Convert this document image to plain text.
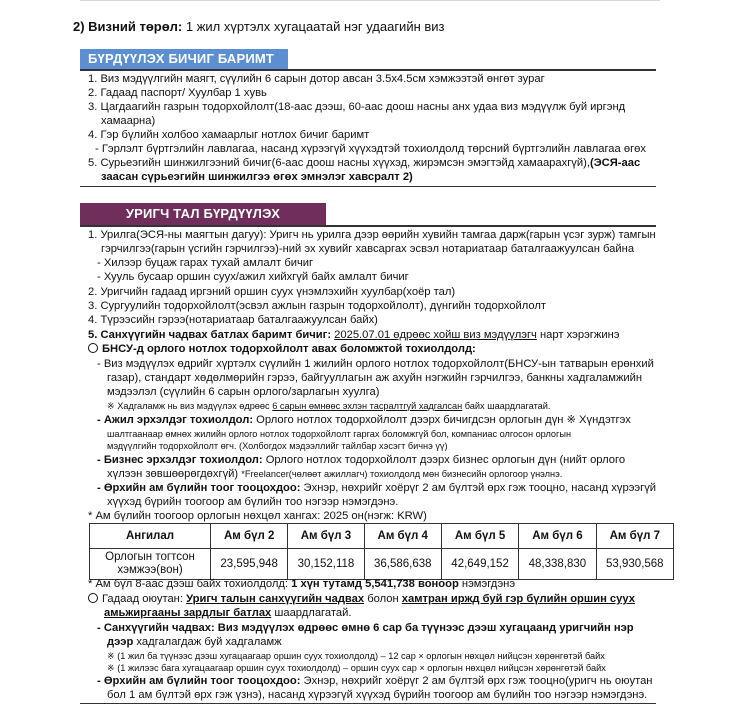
2) Визний төрөл: 1 жил хүртэлх хугацаатай нэг удаагийн виз
БҮРДҮҮЛЭХ БИЧИГ БАРИМТ
1. Виз мэдүүлгийн маягт, сүүлийн 6 сарын дотор авсан 3.5x4.5см хэмжээтэй өнгөт зураг
2. Гадаад паспорт/ Хуулбар 1 хувь
3. Цагдаагийн газрын тодорхойлолт(18-аас дээш, 60-аас доош насны анх удаа виз мэдүүлж буй иргэнд
хамаарна)
4. Гэр бүлийн холбоо хамаарлыг нотлох бичиг баримт
- Гэрлэлт бүртгэлийн лавлагаа, насанд хүрээгүй хүүхэдтэй тохиолдолд төрсний бүртгэлийн лавлагаа өгөх
5. Сурьеэгийн шинжилгээний бичиг(6-аас доош насны хүүхэд, жирэмсэн эмэгтэйд хамаарахгүй),(ЭСЯ-аас
заасан сүрьеэгийн шинжилгээ өгөх эмнэлэг хавсралт 2)
УРИГЧ ТАЛ БҮРДҮҮЛЭХ
1. Урилга(ЭСЯ-ны маягтын дагуу): Уригч нь урилга дээр өөрийн хувийн тамгаа дарж(гарын үсэг зурж) тамгын
гэрчилгээ(гарын үсгийн гэрчилгээ)-ний эх хувийг хавсаргах эсвэл нотариатаар баталгаажуулсан байна
- Хилээр буцаж гарах тухай амлалт бичиг
- Хууль бусаар оршин суух/ажил хийхгүй байх амлалт бичиг
2. Уригчийн гадаад иргэний оршин суух үнэмлэхийн хуулбар(хоёр тал)
3. Сургуулийн тодорхойлолт(эсвэл ажлын газрын тодорхойлолт), дүнгийн тодорхойлолт
4. Түрээсийн гэрээ(нотариатаар баталгаажуулсан байх)
5. Санхүүгийн чадвах батлах баримт бичиг: 2025.07.01 өдрөөс хойш виз мэдүүлэгч нарт хэрэгжинэ
БНСУ-д орлого нотлох тодорхойлолт авах боломжтой тохиолдолд:
- Виз мэдүүлэх өдрийг хүртэлх сүүлийн 1 жилийн орлого нотлох тодорхойлолт(БНСУ-ын татварын ерөнхий
газар), стандарт хөдөлмөрийн гэрээ, байгууллагын аж ахуйн нэгжийн гэрчилгээ, банкны хадгаламжийн
мэдээлэл (сүүлийн 6 сарын орлого/зарлагын хуулга)
※ Хадгаламж нь виз мэдүүлэх өдрөөс 6 сарын өмнөөс эхлэн тасралтгүй хадгалсан байх шаардлагатай.
- Ажил эрхэлдэг тохиолдол: Орлого нотлох тодорхойлолт дээрх бичигдсэн орлогын дүн ※ Хүндэтгэх
шалтгаанаар өмнөх жилийн орлого нотлох тодорхойлолт гаргах боломжгүй бол, компаниас олгосон орлогын
мэдүүлгийн тодорхойлолт өгч. (Холбогдох мэдээллийг тайлбар хэсэгт бичнэ үү)
- Бизнес эрхэлдэг тохиолдол: Орлого нотлох тодорхойлолт дээрх бизнес орлогын дүн (нийт орлого
хүлээн зөвшөөрөгдөхгүй) *Freelancer(чөлөөт ажиллагч) тохиолдолд мөн бизнесийн орлогоор үнэлнэ.
- Өрхийн ам бүлийн тоог тооцохдоо: Эхнэр, нөхрийг хоёрүг 2 ам бүлтэй өрх гэж тооцно, насанд хүрээгүй
хүүхэд бүрийн тоогоор ам бүлийн тоо нэгээр нэмэгдэнэ.
* Ам бүлийн тоогоор орлогын нөхцөл хангах: 2025 он(нэгж: KRW)
Ангилал	Ам бүл 2	Ам бүл 3	Ам бүл 4	Ам бүл 5	Ам бүл 6	Ам бүл 7

Орлогын тогтсон
хэмжээ(вон)	23,595,948	30,152,118	36,586,638	42,649,152	48,338,830	53,930,568
* Ам бүл 8-аас дээш байх тохиолдолд: 1 хүн тутамд 5,541,738 воноор нэмэгдэнэ
Гадаад оюутан: Уригч талын санхүүгийн чадвах болон хамтран иржд буй гэр бүлийн оршин суух
амьжиргааны зардлыг батлах шаардлагатай.
- Санхүүгийн чадвах: Виз мэдүүлэх өдрөөс өмнө 6 сар ба түүнээс дээш хугацаанд уригчийн нэр
дээр хадгалагдаж буй хадгаламж
※ (1 жил ба түүнээс дээш хугацаагаар оршин суух тохиолдолд) – 12 сар × орлогын нөхцөл нийцсэн хөрөнгөтэй байх
※ (1 жилээс бага хугацаагаар оршин суух тохиолдолд) – оршин суух сар × орлогын нөхцөл нийцсэн хөрөнгөтэй байх
- Өрхийн ам бүлийн тоог тооцохдоо: Эхнэр, нөхрийг хоёрүг 2 ам бүлтэй өрх гэж тооцно(уригч нь оюутан
бол 1 ам бүлтэй өрх гэж үзнэ), насанд хүрээгүй хүүхэд бүрийн тоогоор ам бүлийн тоо нэгээр нэмэгдэнэ.
